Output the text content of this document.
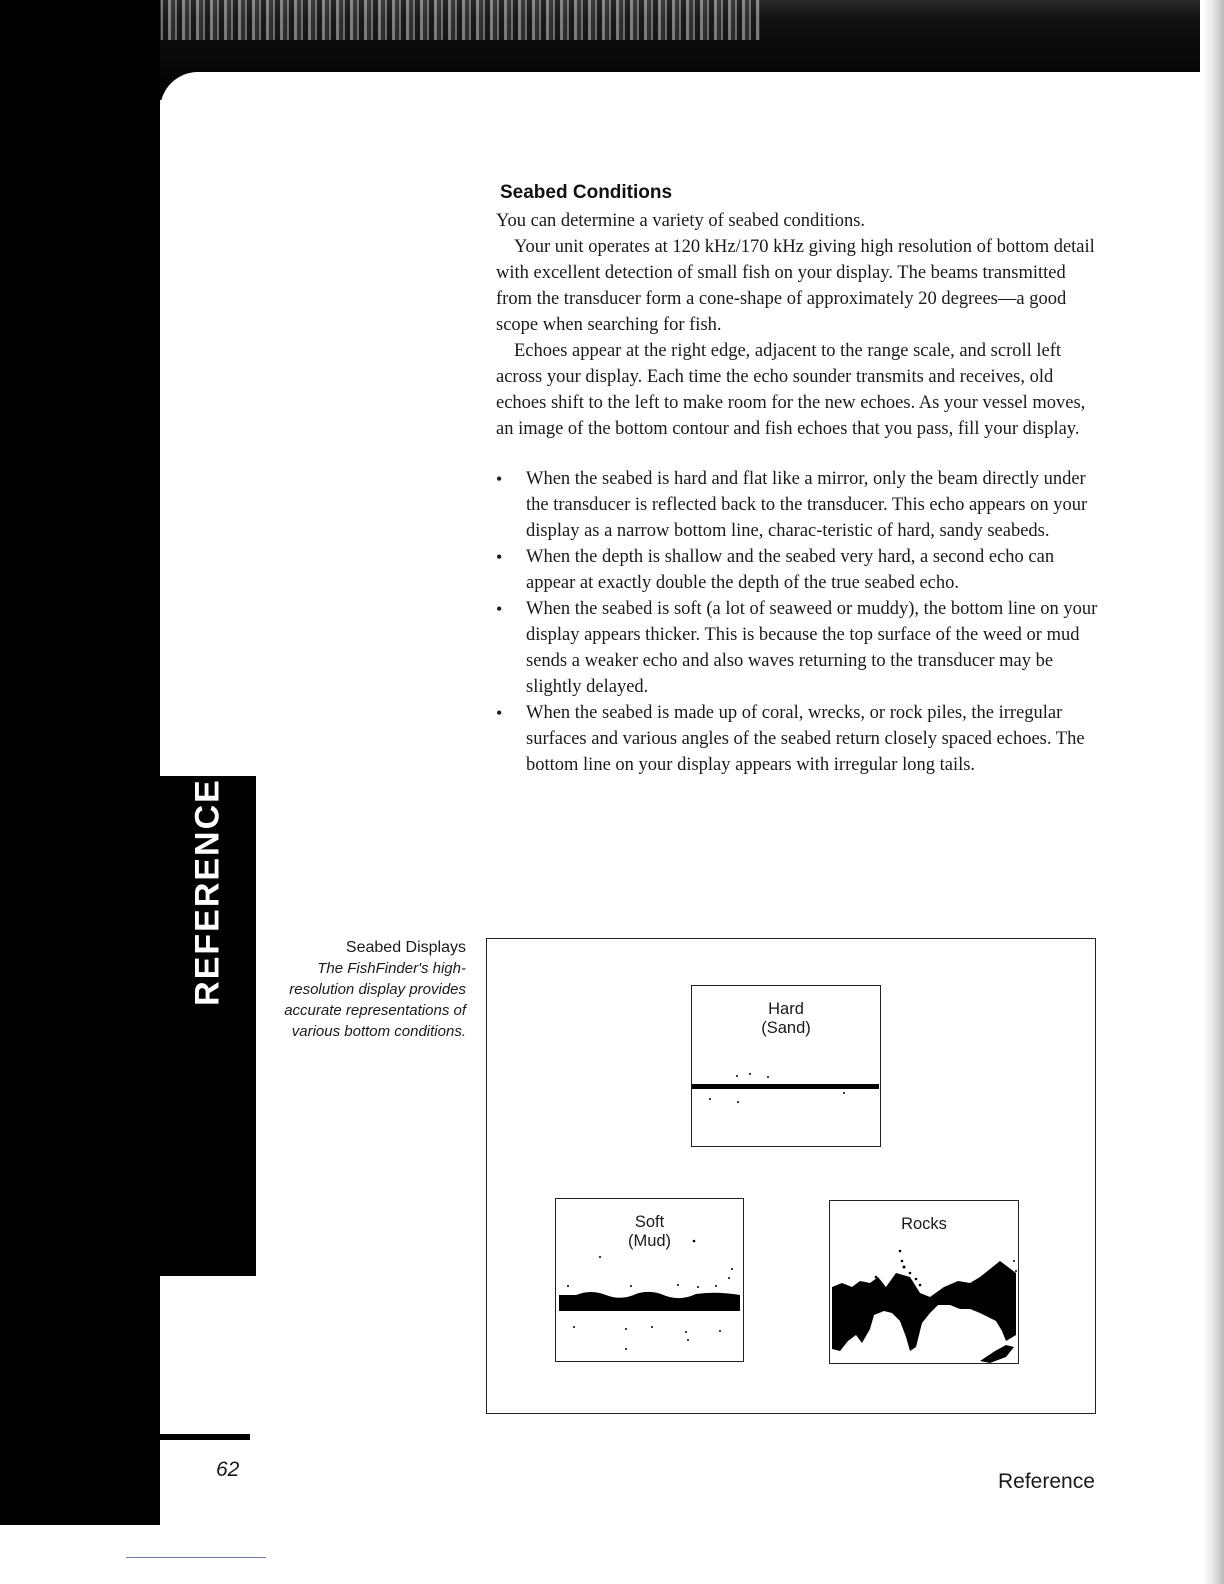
REFERENCE
Seabed Conditions

You can determine a variety of seabed conditions.

Your unit operates at 120 kHz/170 kHz giving high resolution of bottom detail with excellent detection of small fish on your display. The beams transmitted from the transducer form a cone-shape of approximately 20 degrees—a good scope when searching for fish.

Echoes appear at the right edge, adjacent to the range scale, and scroll left across your display. Each time the echo sounder transmits and receives, old echoes shift to the left to make room for the new echoes. As your vessel moves, an image of the bottom contour and fish echoes that you pass, fill your display.

• When the seabed is hard and flat like a mirror, only the beam directly under the transducer is reflected back to the transducer. This echo appears on your display as a narrow bottom line, charac-teristic of hard, sandy seabeds.
• When the depth is shallow and the seabed very hard, a second echo can appear at exactly double the depth of the true seabed echo.
• When the seabed is soft (a lot of seaweed or muddy), the bottom line on your display appears thicker. This is because the top surface of the weed or mud sends a weaker echo and also waves returning to the transducer may be slightly delayed.
• When the seabed is made up of coral, wrecks, or rock piles, the irregular surfaces and various angles of the seabed return closely spaced echoes. The bottom line on your display appears with irregular long tails.
Seabed Displays
The FishFinder's high-resolution display provides accurate representations of various bottom conditions.
Hard
(Sand)
Soft
(Mud)
Rocks
62
Reference
